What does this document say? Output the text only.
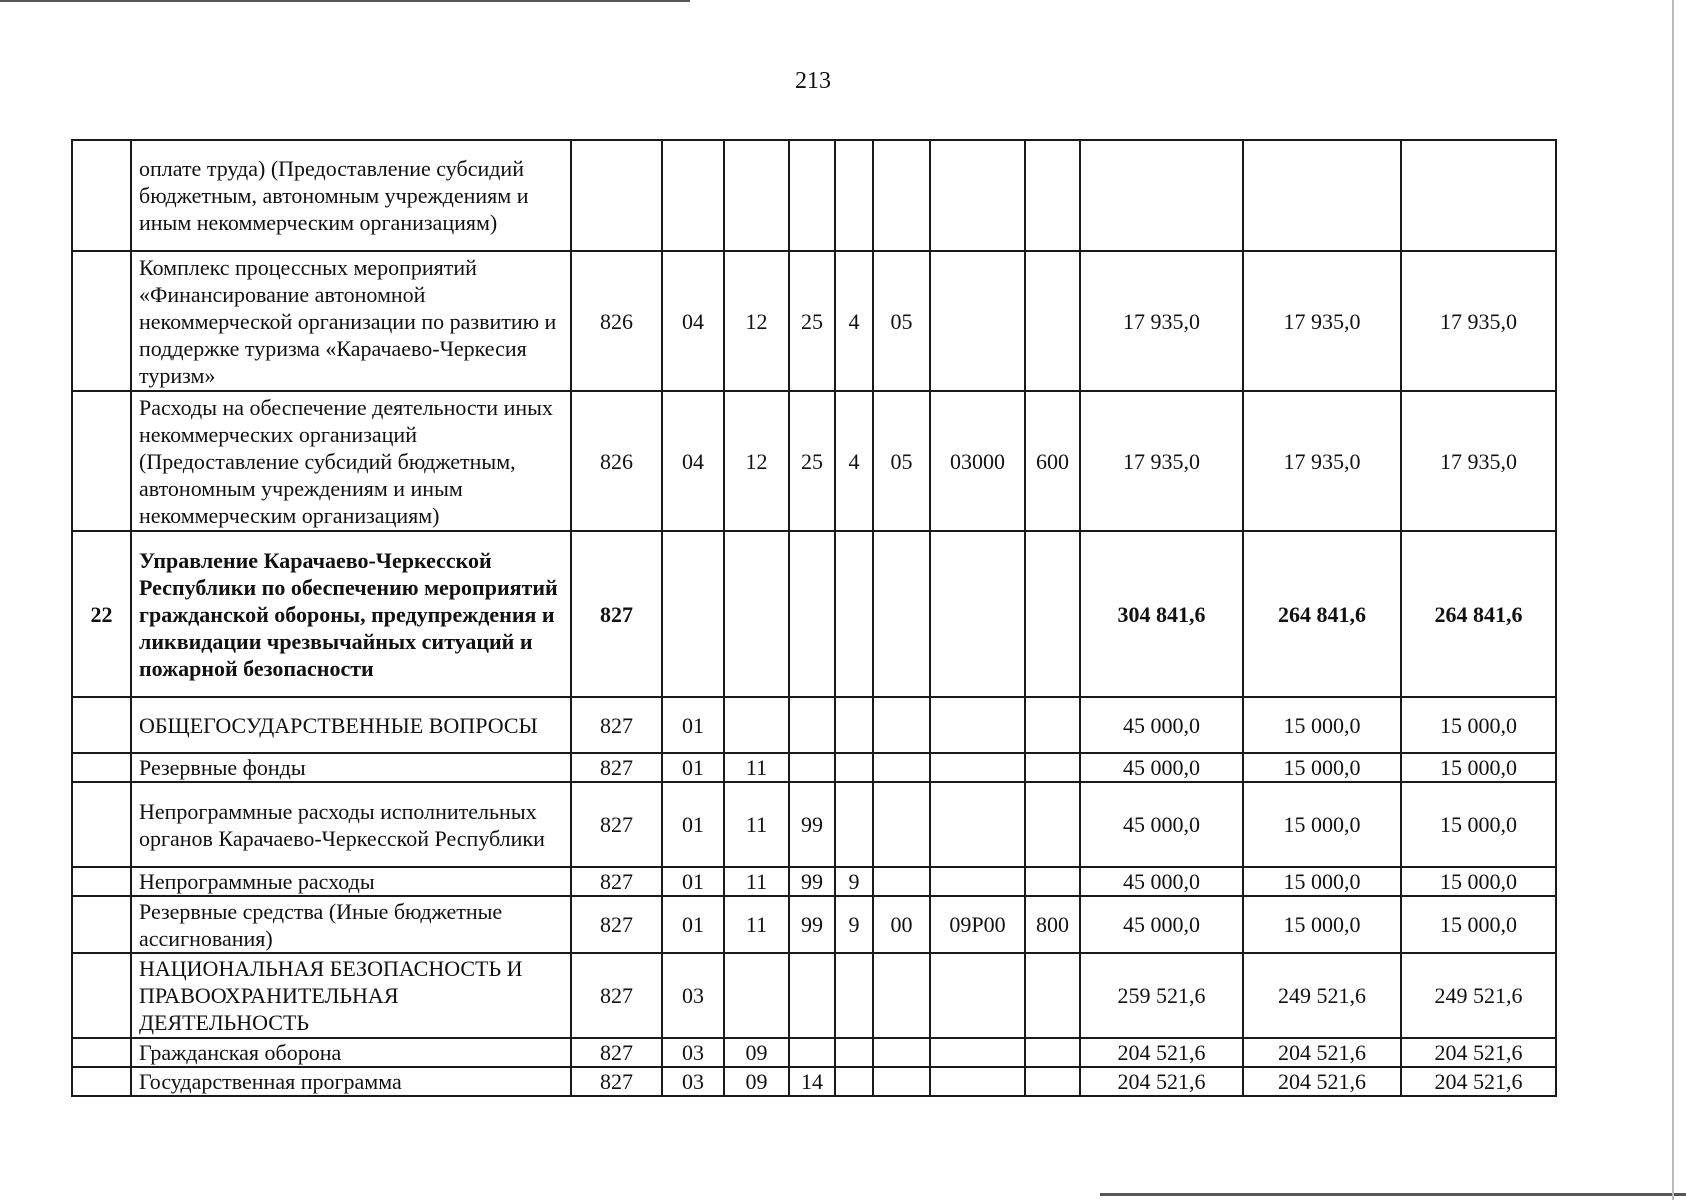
213
	оплате труда) (Предоставление субсидий бюджетным, автономным учреждениям и иным некоммерческим организациям)											
	Комплекс процессных мероприятий «Финансирование автономной некоммерческой организации по развитию и поддержке туризма «Карачаево-Черкесия туризм»	826	04	12	25	4	05			17 935,0	17 935,0	17 935,0
	Расходы на обеспечение деятельности иных некоммерческих организаций (Предоставление субсидий бюджетным, автономным учреждениям и иным некоммерческим организациям)	826	04	12	25	4	05	03000	600	17 935,0	17 935,0	17 935,0
22	Управление Карачаево-Черкесской Республики по обеспечению мероприятий гражданской обороны, предупреждения и ликвидации чрезвычайных ситуаций и пожарной безопасности	827								304 841,6	264 841,6	264 841,6
	ОБЩЕГОСУДАРСТВЕННЫЕ ВОПРОСЫ	827	01							45 000,0	15 000,0	15 000,0
	Резервные фонды	827	01	11						45 000,0	15 000,0	15 000,0
	Непрограммные расходы исполнительных органов Карачаево-Черкесской Республики	827	01	11	99					45 000,0	15 000,0	15 000,0
	Непрограммные расходы	827	01	11	99	9				45 000,0	15 000,0	15 000,0
	Резервные средства (Иные бюджетные ассигнования)	827	01	11	99	9	00	09Р00	800	45 000,0	15 000,0	15 000,0
	НАЦИОНАЛЬНАЯ БЕЗОПАСНОСТЬ И ПРАВООХРАНИТЕЛЬНАЯ ДЕЯТЕЛЬНОСТЬ	827	03							259 521,6	249 521,6	249 521,6
	Гражданская оборона	827	03	09						204 521,6	204 521,6	204 521,6
	Государственная программа	827	03	09	14					204 521,6	204 521,6	204 521,6
